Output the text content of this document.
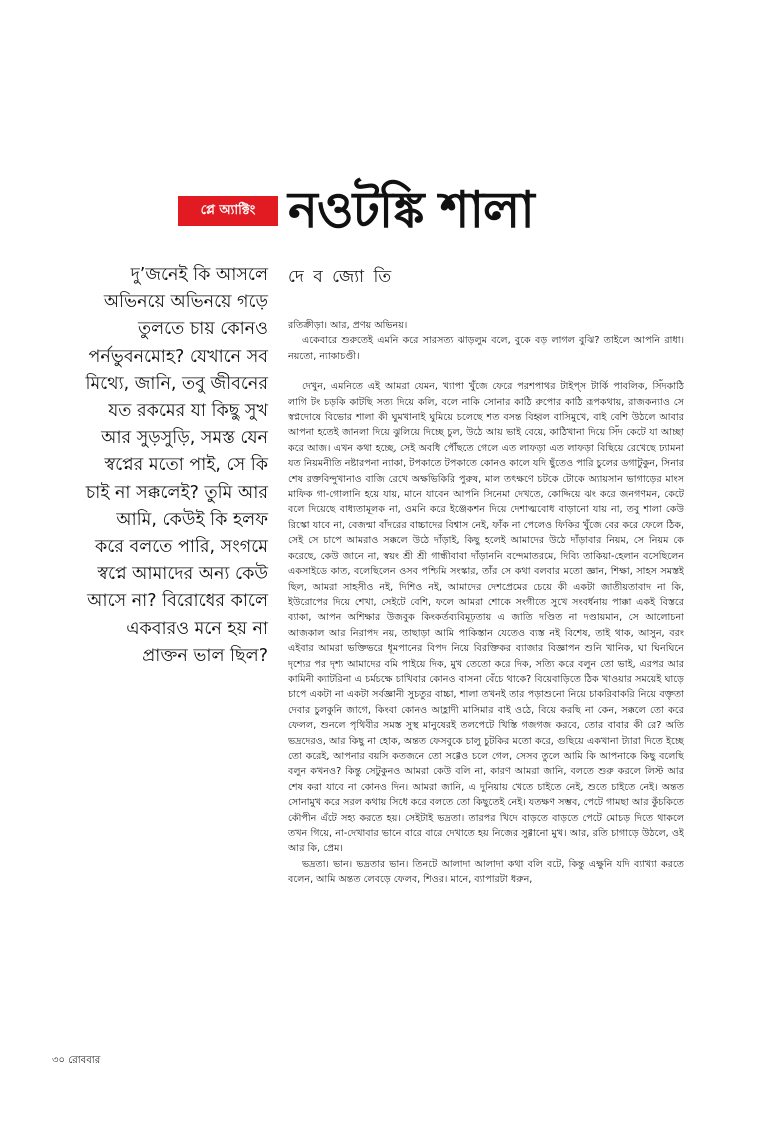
প্লে অ্যাক্টিং নওটঙ্কি শালা

দু’জনেই কি আসলে অভিনয়ে অভিনয়ে গড়ে তুলতে চায় কোনও পর্নভুবনমোহ? যেখানে সব মিথ্যে, জানি, তবু জীবনের যত রকমের যা কিছু সুখ আর সুড়সুড়ি, সমস্ত যেন স্বপ্নের মতো পাই, সে কি চাই না সক্কলেই? তুমি আর আমি, কেউই কি হলফ করে বলতে পারি, সংগমে স্বপ্নে আমাদের অন্য কেউ আসে না? বিরোধের কালে একবারও মনে হয় না প্রাক্তন ভাল ছিল?

দে ব জ্যো তি

রতিক্রীড়া। আর, প্রণয় অভিনয়।

একেবারে শুরুতেই এমনি করে সারসত্য ঝাড়লুম বলে, বুকে বড় লাগল বুঝি? তাইলে আপনি রাধা। নয়তো, ন্যাকাচণ্ডী।

দেখুন, এমনিতে এই আমরা যেমন, খ্যাপা খুঁজে ফেরে পরশপাথর টাইপ্‌স টার্কি পাবলিক, সিঁদকাঠি লাগি টং চড়কি কাটছি সত্য দিয়ে কলি, বলে নাকি সোনার কাঠি রুপোর কাঠি রূপকথায়, রাজকন্যাও সে স্বপ্নদোষে বিভোর শালা কী ঘুমখানাই ঘুমিয়ে চলেছে শত বসন্ত বিহ্বল বাসিমুখে, বাই বেশি উঠলে আবার আপনা হতেই জানলা দিয়ে ঝুলিয়ে দিচ্ছে চুল, উঠে আয় ভাই বেয়ে, কাঠিখানা দিয়ে সিঁদ কেটে যা আচ্ছা করে আজ। এখন কথা হচ্ছে, সেই অবধি পৌঁছতে গেলে এত লাফড়া এত লাফড়া বিছিয়ে রেখেছে ঢ্যামনা যত নিয়মনীতি নষ্টারপনা ন্যাকা, টপকাতে টপকাতে কোনও কালে যদি ছুঁতেও পারি চুলের ডগাটুকুন, সিনার শেষ রক্তবিন্দুখানাও বাজি রেখে অক্ষভিকিরি পুরুষ, মাল তৎক্ষণে চটকে টোকে অ্যায়সান ভাগাড়ের মাংস মাফিক গা-গোলানি হয়ে যায়, মানে যাবেন আপনি সিনেমা দেখতে, কোদ্দিয়ে ঝং করে জনগণমন, কেটে বলে দিয়েছে বাধ্যতামূলক না, ওমনি করে ইঞ্জেকশন দিয়ে দেশাত্মবোধ বাড়ানো যায় না, তবু শালা কেউ রিস্কো যাবে না, বেজন্মা বাঁদরের বাচ্চাদের বিশ্বাস নেই, ফাঁক না পেলেও ফিকির খুঁজে বের করে ফেলে ঠিক, সেই সে চাপে আমরাও সক্কলে উঠে দাঁড়াই, কিছু হলেই আমাদের উঠে দাঁড়াবার নিয়ম, সে নিয়ম কে করেছে, কেউ জানে না, স্বয়ং শ্রী শ্রী গান্ধীবাবা দাঁড়াননি বন্দেমাতরমে, দিব্যি তাকিয়া-হেলান বসেছিলেন একসাইডে কাত, বলেছিলেন ওসব পশ্চিমি সংস্কার, তাঁর সে কথা বলবার মতো জ্ঞান, শিক্ষা, সাহস সমস্তই ছিল, আমরা সাহসীও নই, দিশিও নই, আমাদের দেশপ্রেমের চেয়ে কী একটা জাতীয়তাবাদ না কি, ইউরোপের দিয়ে শেখা, সেইটে বেশি, ফলে আমরা শোকে সংগীতে সুখে সংবর্ধনায় পাক্কা একই বিস্তরে ব্যাকা, আপন অশিক্ষার উজবুক কিংকর্তব্যবিমূঢ়তায় এ জাতি দণ্ডিত না দণ্ডায়মান, সে আলোচনা আজকাল আর নিরাপদ নয়, তাছাড়া আমি পাকিস্তান যেতেও ব্যস্ত নই বিশেষ, তাই থাক, আসুন, বরং এইবার আমরা ভক্তিভরে ধূমপানের বিপদ নিয়ে বিরক্তিকর ব্যাজার বিজ্ঞাপন শুনি খানিক, ঘা ঘিনঘিনে দৃশ্যের পর দৃশ্য আমাদের বমি পাইয়ে দিক, মুখ তেতো করে দিক, সত্যি করে বলুন তো ভাই, এরপর আর কামিনী ক্যাটরিনা এ চর্মচক্ষে চাখিবার কোনও বাসনা বেঁচে থাকে? বিয়েবাড়িতে ঠিক খাওয়ার সময়েই ঘাড়ে চাপে একটা না একটা সর্বজ্ঞানী সুচতুর বাচ্চা, শালা তখনই তার পড়াশুনো নিয়ে চাকরিবাকরি নিয়ে বক্তৃতা দেবার চুলকুনি জাগে, কিংবা কোনও আহ্লাদী মাসিমার বাই ওঠে, বিয়ে করছি না কেন, সক্কলে তো করে ফেলল, শুনলে পৃথিবীর সমস্ত সুস্থ মানুষেরই তলপেটে খিস্তি গজগজ করবে, তোর বাবার কী রে? অতি ভদ্রদেরও, আর কিছু না হোক, অন্তত ফেসবুকে চালু চুটকির মতো করে, গুছিয়ে একখানা ট্যারা দিতে ইচ্ছে তো করেই, আপনার বয়সি কতজনে তো সগ্গেও চলে গেল, সেসব তুলে আমি কি আপনাকে কিছু বলেছি বলুন কখনও? কিন্তু সেটুকুনও আমরা কেউ বলি না, কারণ আমরা জানি, বলতে শুরু করলে লিস্ট আর শেষ করা যাবে না কোনও দিন। আমরা জানি, এ দুনিয়ায় খেতে চাইতে নেই, শুতে চাইতে নেই। অন্তত সোনামুখ করে সরল কথায় সিধে করে বলতে তো কিছুতেই নেই। যতক্ষণ সম্ভব, পেটে গামছা আর কুঁচকিতে কৌপীন এঁটে সহ্য করতে হয়। সেইটাই ভদ্রতা। তারপর খিদে বাড়তে বাড়তে পেটে মোচড় দিতে থাকলে তখন গিয়ে, না-দেখাবার ভানে বারে বারে দেখাতে হয় নিজের সুগ্গানো মুখ। আর, রতি চাগাড়ে উঠলে, ওই আর কি, প্রেম।

ভদ্রতা। ভান। ভদ্রতার ভান। তিনটে আলাদা আলাদা কথা বলি বটে, কিন্তু এক্ষুনি যদি ব্যাখ্যা করতে বলেন, আমি অন্তত লেবড়ে ফেলব, শিওর। মানে, ব্যাপারটা ধরুন,

৩০ রোববার
